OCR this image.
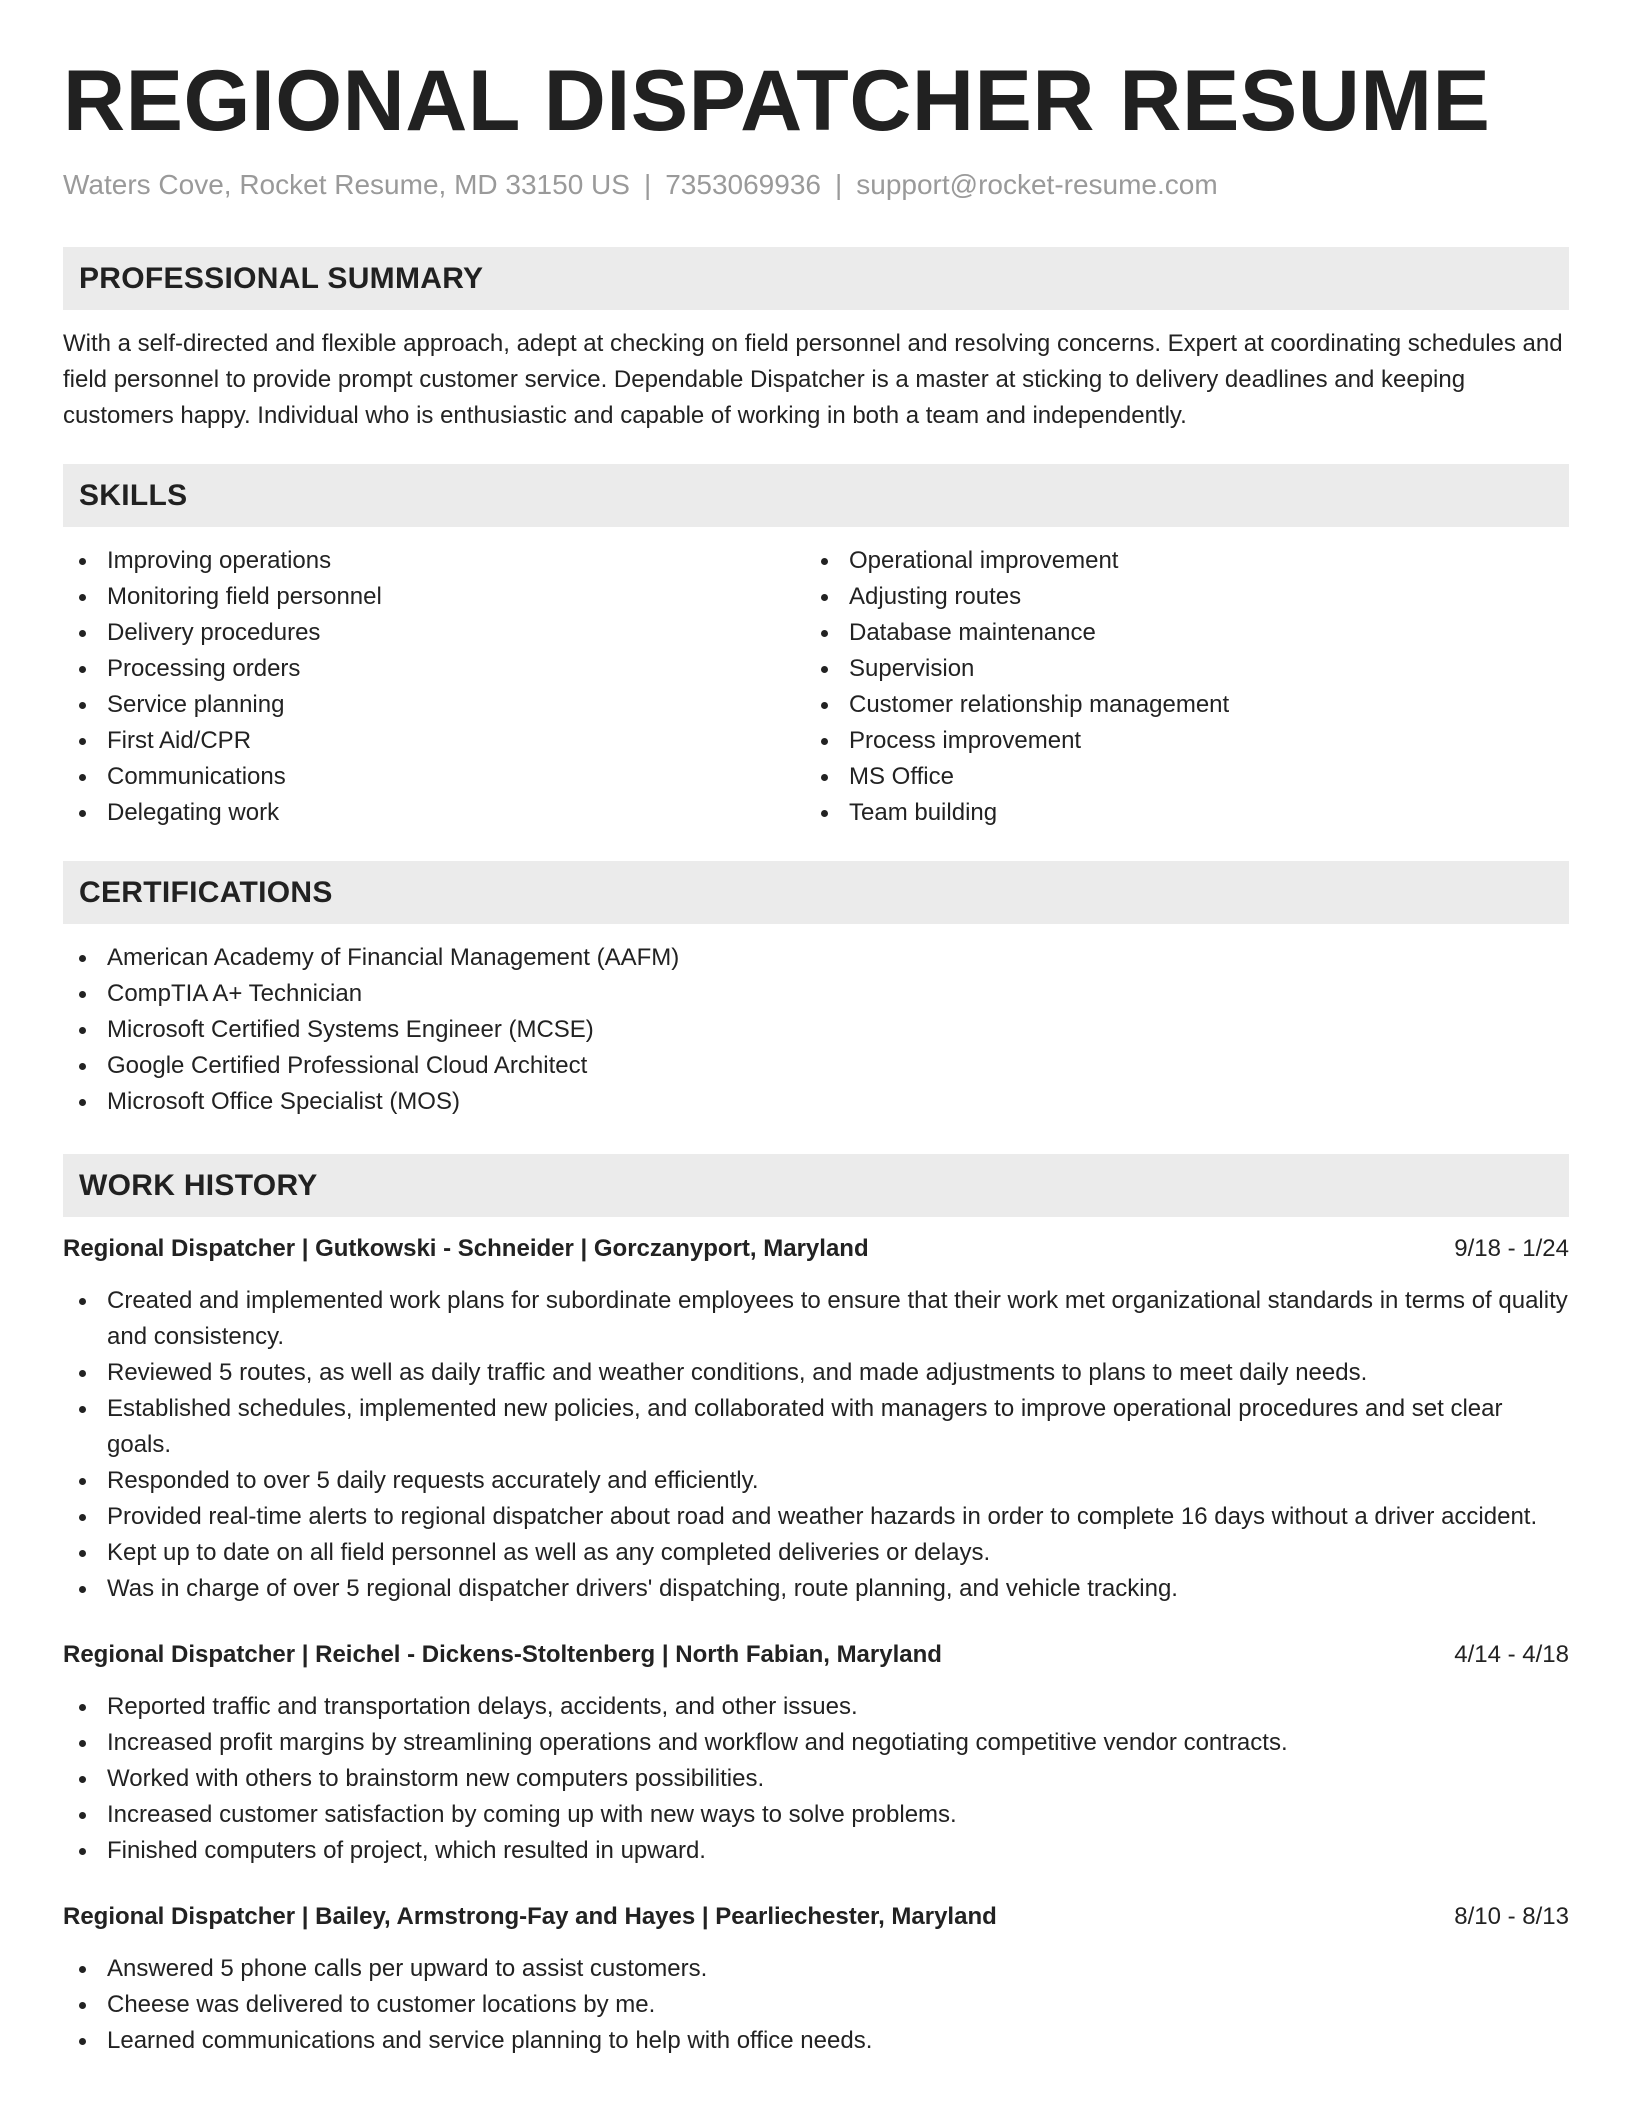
REGIONAL DISPATCHER RESUME
Waters Cove, Rocket Resume, MD 33150 US | 7353069936 | support@rocket-resume.com
PROFESSIONAL SUMMARY

With a self-directed and flexible approach, adept at checking on field personnel and resolving concerns. Expert at coordinating schedules and field personnel to provide prompt customer service. Dependable Dispatcher is a master at sticking to delivery deadlines and keeping customers happy. Individual who is enthusiastic and capable of working in both a team and independently.

SKILLS
Improving operations
Monitoring field personnel
Delivery procedures
Processing orders
Service planning
First Aid/CPR
Communications
Delegating work
Operational improvement
Adjusting routes
Database maintenance
Supervision
Customer relationship management
Process improvement
MS Office
Team building
CERTIFICATIONS
American Academy of Financial Management (AAFM)
CompTIA A+ Technician
Microsoft Certified Systems Engineer (MCSE)
Google Certified Professional Cloud Architect
Microsoft Office Specialist (MOS)
WORK HISTORY
Regional Dispatcher | Gutkowski - Schneider | Gorczanyport, Maryland	9/18 - 1/24
Created and implemented work plans for subordinate employees to ensure that their work met organizational standards in terms of quality and consistency.
Reviewed 5 routes, as well as daily traffic and weather conditions, and made adjustments to plans to meet daily needs.
Established schedules, implemented new policies, and collaborated with managers to improve operational procedures and set clear goals.
Responded to over 5 daily requests accurately and efficiently.
Provided real-time alerts to regional dispatcher about road and weather hazards in order to complete 16 days without a driver accident.
Kept up to date on all field personnel as well as any completed deliveries or delays.
Was in charge of over 5 regional dispatcher drivers' dispatching, route planning, and vehicle tracking.
Regional Dispatcher | Reichel - Dickens-Stoltenberg | North Fabian, Maryland	4/14 - 4/18
Reported traffic and transportation delays, accidents, and other issues.
Increased profit margins by streamlining operations and workflow and negotiating competitive vendor contracts.
Worked with others to brainstorm new computers possibilities.
Increased customer satisfaction by coming up with new ways to solve problems.
Finished computers of project, which resulted in upward.
Regional Dispatcher | Bailey, Armstrong-Fay and Hayes | Pearliechester, Maryland	8/10 - 8/13
Answered 5 phone calls per upward to assist customers.
Cheese was delivered to customer locations by me.
Learned communications and service planning to help with office needs.
